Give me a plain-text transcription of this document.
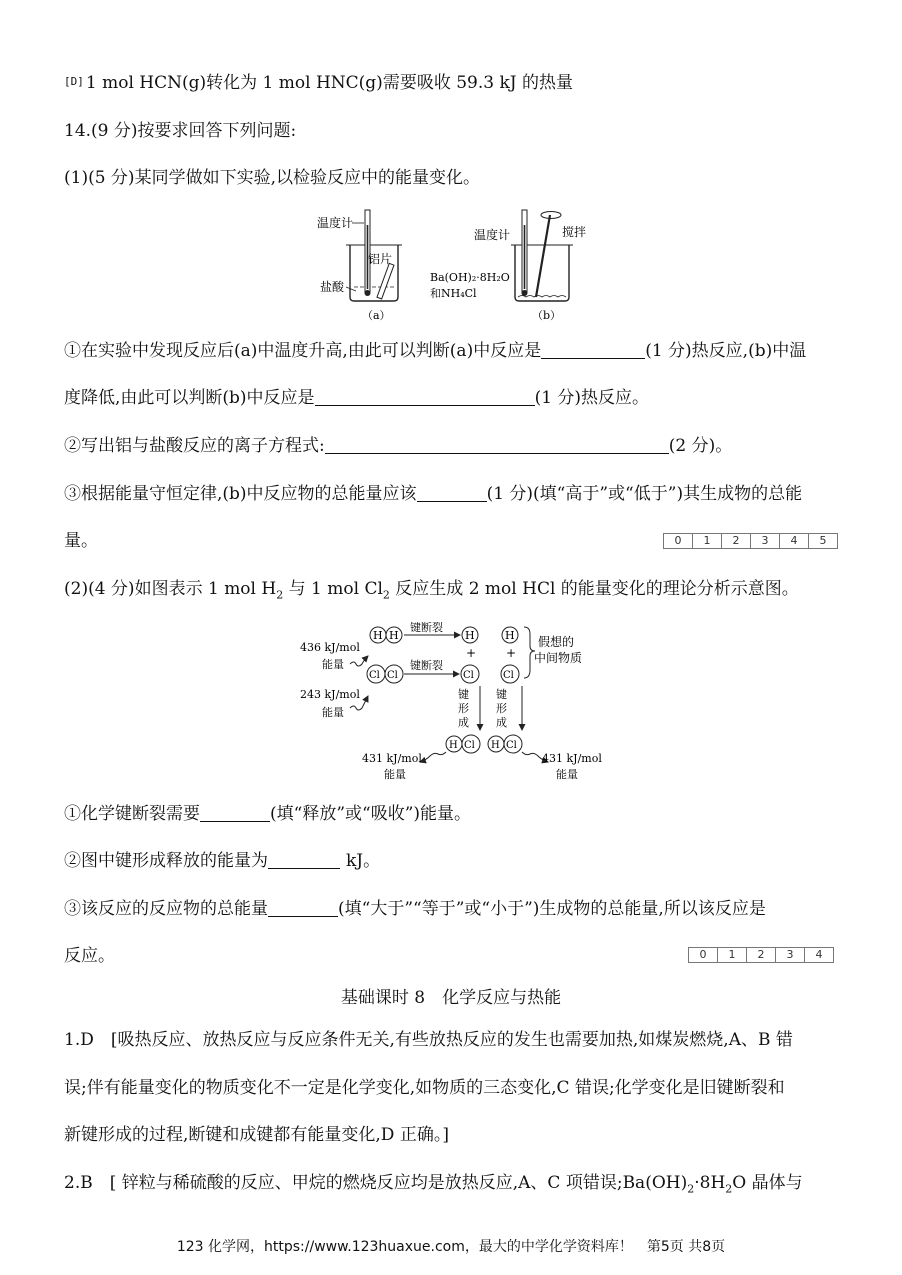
[D] 1 mol HCN(g)转化为 1 mol HNC(g)需要吸收 59.3 kJ 的热量
14.(9 分)按要求回答下列问题:
(1)(5 分)某同学做如下实验,以检验反应中的能量变化。
温度计
铝片
盐酸
（a）
温度计	搅拌
Ba(OH)₂·8H₂O
和NH₄Cl
（b）
①在实验中发现反应后(a)中温度升高,由此可以判断(a)中反应是	(1 分)热反应,(b)中温
度降低,由此可以判断(b)中反应是	(1 分)热反应。
②写出铝与盐酸反应的离子方程式:	(2 分)。
③根据能量守恒定律,(b)中反应物的总能量应该	(1 分)(填“高于”或“低于”)其生成物的总能
量。	0	1	2	3	4	5
(2)(4 分)如图表示 1 mol $H_2$ 与 1 mol $Cl_2$ 反应生成 2 mol HCl 的能量变化的理论分析示意图。
H H
键断裂
H	H
+ +
Cl Cl
键断裂
Cl	Cl
假想的
中间物质
436 kJ/mol
能量
243 kJ/mol
能量
键
形
成
键
形
成
H Cl H Cl
431 kJ/mol
能量
431 kJ/mol
能量
①化学键断裂需要	(填“释放”或“吸收”)能量。
②图中键形成释放的能量为	kJ。
③该反应的反应物的总能量	(填“大于”“等于”或“小于”)生成物的总能量,所以该反应是
反应。	0	1	2	3	4
基础课时 8　化学反应与热能
1.D　[吸热反应、放热反应与反应条件无关,有些放热反应的发生也需要加热,如煤炭燃烧,A、B 错
误;伴有能量变化的物质变化不一定是化学变化,如物质的三态变化,C 错误;化学变化是旧键断裂和
新键形成的过程,断键和成键都有能量变化,D 正确。]
2.B　[ 锌粒与稀硫酸的反应、甲烷的燃烧反应均是放热反应,A、C 项错误$;Ba(OH)_2\cdot 8H_2O$ 晶体与
123 化学网，https://www.123huaxue.com，最大的中学化学资料库！　第5页 共8页
